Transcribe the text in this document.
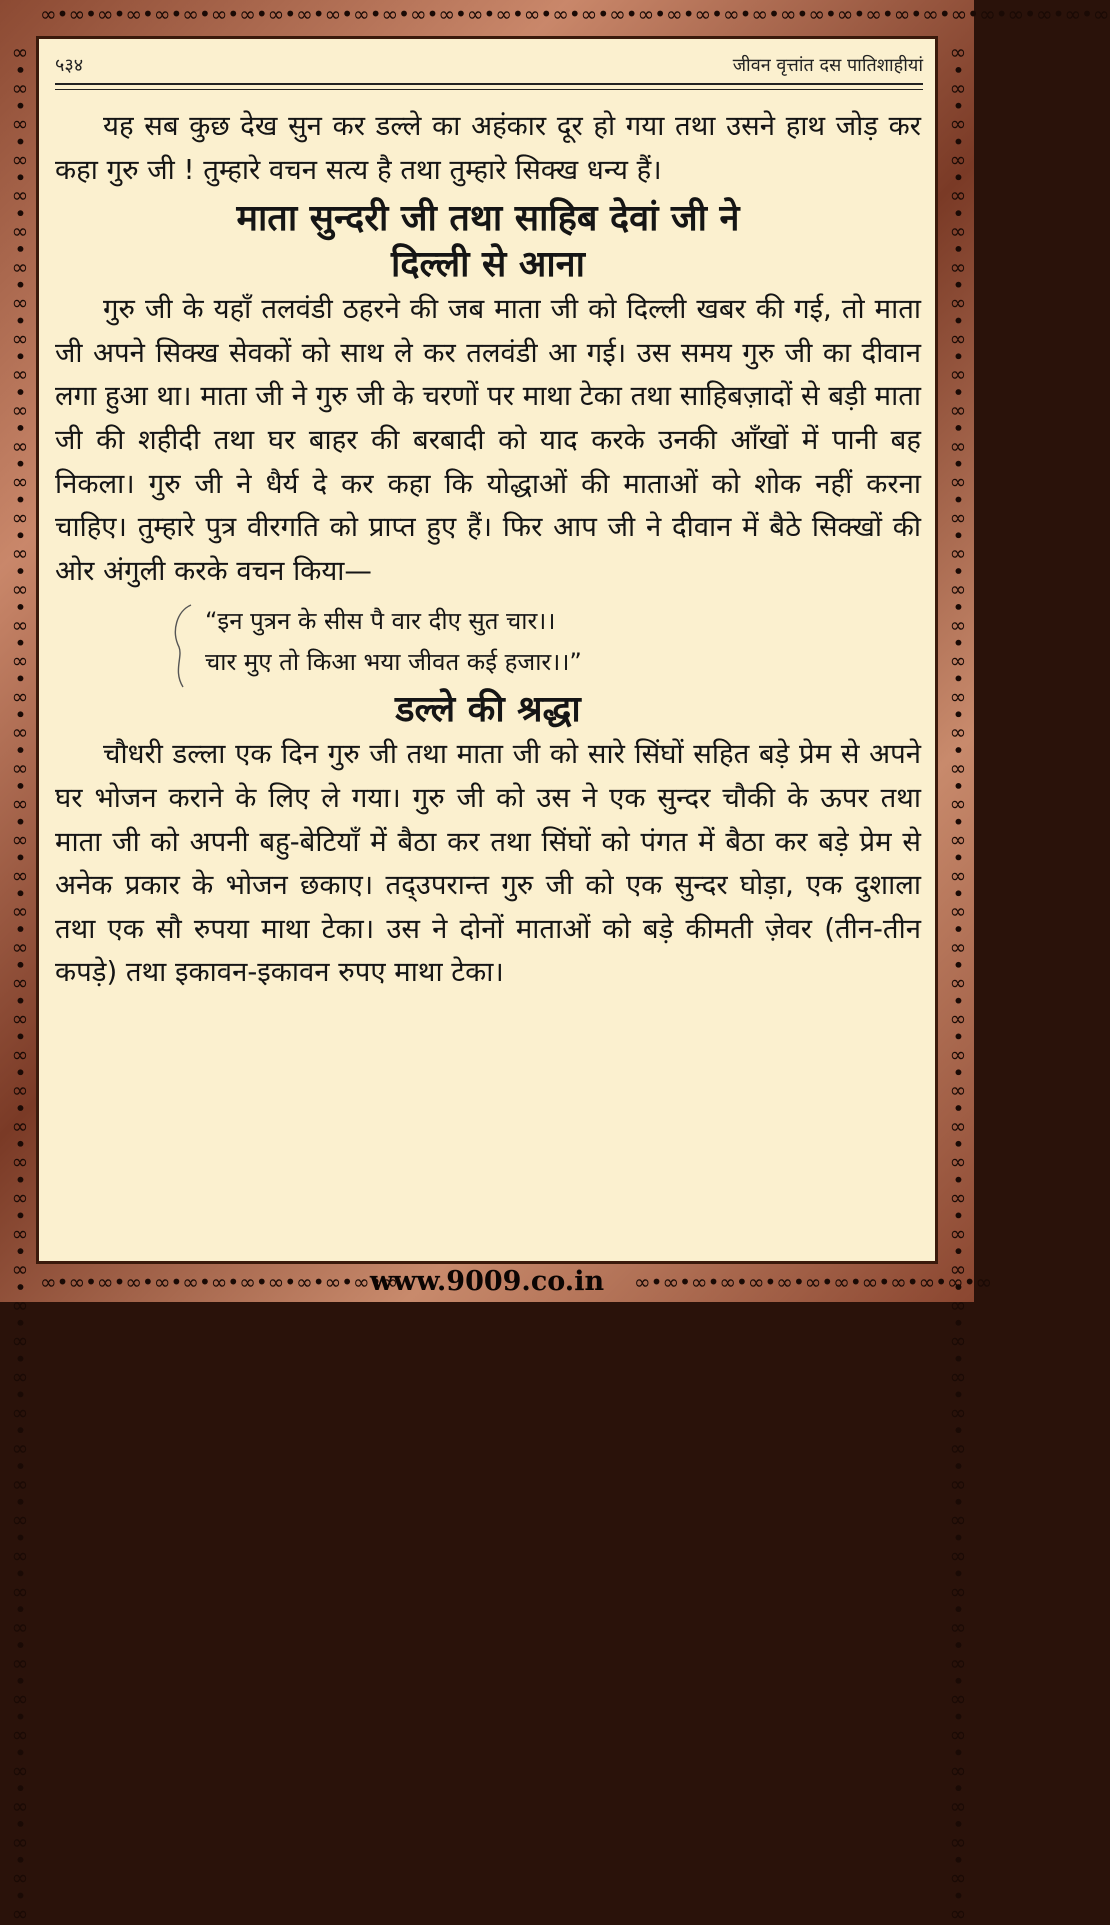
∞•∞•∞•∞•∞•∞•∞•∞•∞•∞•∞•∞•∞•∞•∞•∞•∞•∞•∞•∞•∞•∞•∞•∞•∞•∞•∞•∞•∞•∞•∞•∞•∞•∞•∞•∞•∞•∞
∞•∞•∞•∞•∞•∞•∞•∞•∞•∞•∞•∞•∞•∞•∞•∞•∞•∞•∞•∞•∞•∞•∞•∞•∞•∞•∞•∞•∞•∞•∞•∞•∞•∞•∞•∞•∞•∞•∞•∞•∞•∞•∞•∞•∞•∞•∞•∞•∞•∞•∞•∞•∞	∞•∞•∞•∞•∞•∞•∞•∞•∞•∞•∞•∞•∞•∞•∞•∞•∞•∞•∞•∞•∞•∞•∞•∞•∞•∞•∞•∞•∞•∞•∞•∞•∞•∞•∞•∞•∞•∞•∞•∞•∞•∞•∞•∞•∞•∞•∞•∞•∞•∞•∞•∞•∞
∞•∞•∞•∞•∞•∞•∞•∞•∞•∞•∞•∞•∞	∞•∞•∞•∞•∞•∞•∞•∞•∞•∞•∞•∞•∞
www.9009.co.in
५३४	जीवन वृत्तांत दस पातिशाहीयां

यह सब कुछ देख सुन कर डल्ले का अहंकार दूर हो गया तथा उसने हाथ जोड़ कर कहा गुरु जी ! तुम्हारे वचन सत्य है तथा तुम्हारे सिक्ख धन्य हैं।

माता सुन्दरी जी तथा साहिब देवां जी ने
दिल्ली से आना

गुरु जी के यहाँ तलवंडी ठहरने की जब माता जी को दिल्ली खबर की गई, तो माता जी अपने सिक्ख सेवकों को साथ ले कर तलवंडी आ गई। उस समय गुरु जी का दीवान लगा हुआ था। माता जी ने गुरु जी के चरणों पर माथा टेका तथा साहिबज़ादों से बड़ी माता जी की शहीदी तथा घर बाहर की बरबादी को याद करके उनकी आँखों में पानी बह निकला। गुरु जी ने धैर्य दे कर कहा कि योद्धाओं की माताओं को शोक नहीं करना चाहिए। तुम्हारे पुत्र वीरगति को प्राप्त हुए हैं। फिर आप जी ने दीवान में बैठे सिक्खों की ओर अंगुली करके वचन किया—

“इन पुत्रन के सीस पै वार दीए सुत चार।।
चार मुए तो किआ भया जीवत कई हजार।।”

डल्ले की श्रद्धा

चौधरी डल्ला एक दिन गुरु जी तथा माता जी को सारे सिंघों सहित बड़े प्रेम से अपने घर भोजन कराने के लिए ले गया। गुरु जी को उस ने एक सुन्दर चौकी के ऊपर तथा माता जी को अपनी बहु-बेटियाँ में बैठा कर तथा सिंघों को पंगत में बैठा कर बड़े प्रेम से अनेक प्रकार के भोजन छकाए। तद्उपरान्त गुरु जी को एक सुन्दर घोड़ा, एक दुशाला तथा एक सौ रुपया माथा टेका। उस ने दोनों माताओं को बड़े कीमती ज़ेवर (तीन-तीन कपड़े) तथा इकावन-इकावन रुपए माथा टेका।
